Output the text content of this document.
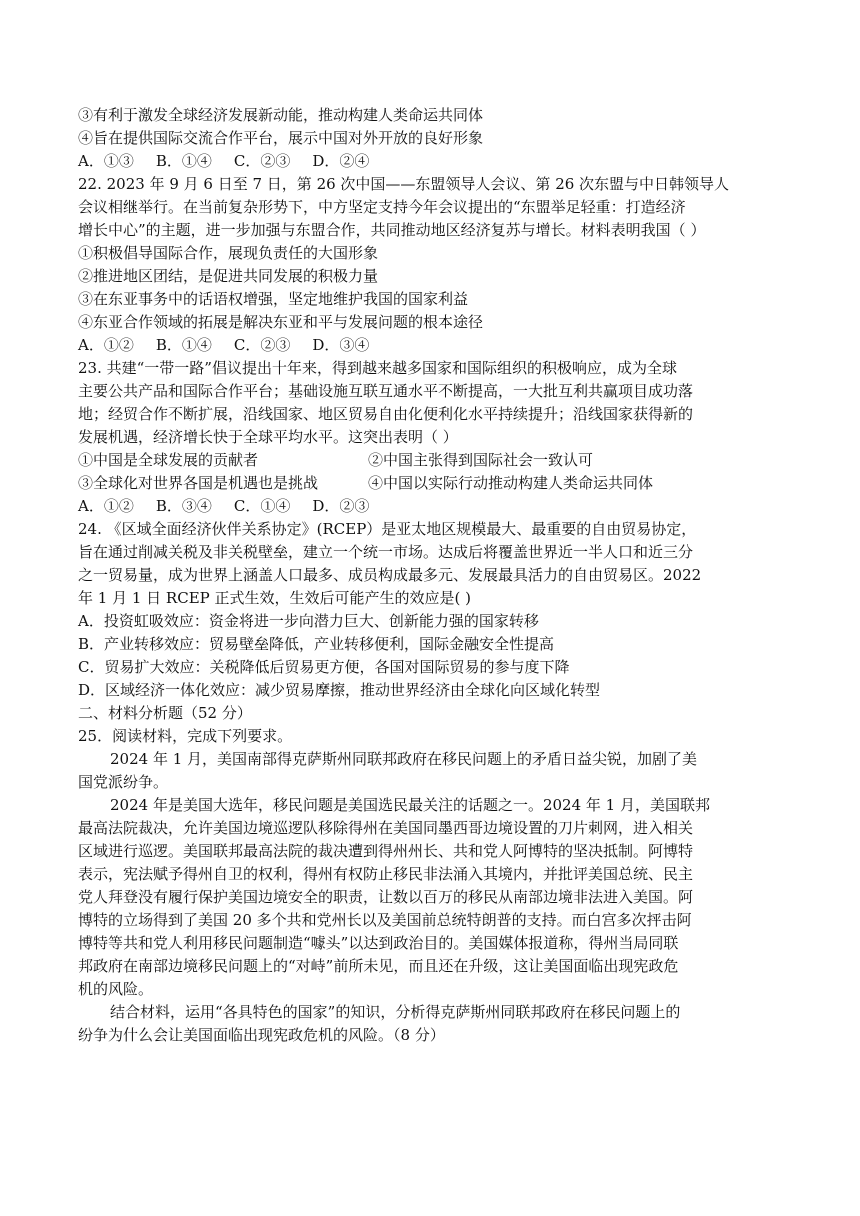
③有利于激发全球经济发展新动能，推动构建人类命运共同体
④旨在提供国际交流合作平台，展示中国对外开放的良好形象
A．①③ B．①④ C．②③ D．②④
22. 2023 年 9 月 6 日至 7 日，第 26 次中国——东盟领导人会议、第 26 次东盟与中日韩领导人
会议相继举行。在当前复杂形势下，中方坚定支持今年会议提出的“东盟举足轻重：打造经济
增长中心”的主题，进一步加强与东盟合作，共同推动地区经济复苏与增长。材料表明我国（ ）
①积极倡导国际合作，展现负责任的大国形象
②推进地区团结，是促进共同发展的积极力量
③在东亚事务中的话语权增强，坚定地维护我国的国家利益
④东亚合作领域的拓展是解决东亚和平与发展问题的根本途径
A．①② B．①④ C．②③ D．③④
23. 共建“一带一路”倡议提出十年来，得到越来越多国家和国际组织的积极响应，成为全球
主要公共产品和国际合作平台；基础设施互联互通水平不断提高，一大批互利共赢项目成功落
地；经贸合作不断扩展，沿线国家、地区贸易自由化便利化水平持续提升；沿线国家获得新的
发展机遇，经济增长快于全球平均水平。这突出表明（ ）
①中国是全球发展的贡献者	②中国主张得到国际社会一致认可
③全球化对世界各国是机遇也是挑战	④中国以实际行动推动构建人类命运共同体
A．①② B．③④ C．①④ D．②③
24. 《区域全面经济伙伴关系协定》(RCEP）是亚太地区规模最大、最重要的自由贸易协定，
旨在通过削减关税及非关税壁垒，建立一个统一市场。达成后将覆盖世界近一半人口和近三分
之一贸易量，成为世界上涵盖人口最多、成员构成最多元、发展最具活力的自由贸易区。2022
年 1 月 1 日 RCEP 正式生效，生效后可能产生的效应是( )
A．投资虹吸效应：资金将进一步向潜力巨大、创新能力强的国家转移
B．产业转移效应：贸易壁垒降低，产业转移便利，国际金融安全性提高
C．贸易扩大效应：关税降低后贸易更方便，各国对国际贸易的参与度下降
D．区域经济一体化效应：减少贸易摩擦，推动世界经济由全球化向区域化转型
二、材料分析题（52 分）
25．阅读材料，完成下列要求。
2024 年 1 月，美国南部得克萨斯州同联邦政府在移民问题上的矛盾日益尖锐，加剧了美
国党派纷争。
2024 年是美国大选年，移民问题是美国选民最关注的话题之一。2024 年 1 月，美国联邦
最高法院裁决，允许美国边境巡逻队移除得州在美国同墨西哥边境设置的刀片刺网，进入相关
区域进行巡逻。美国联邦最高法院的裁决遭到得州州长、共和党人阿博特的坚决抵制。阿博特
表示，宪法赋予得州自卫的权利，得州有权防止移民非法涌入其境内，并批评美国总统、民主
党人拜登没有履行保护美国边境安全的职责，让数以百万的移民从南部边境非法进入美国。阿
博特的立场得到了美国 20 多个共和党州长以及美国前总统特朗普的支持。而白宫多次抨击阿
博特等共和党人利用移民问题制造“噱头”以达到政治目的。美国媒体报道称，得州当局同联
邦政府在南部边境移民问题上的“对峙”前所未见，而且还在升级，这让美国面临出现宪政危
机的风险。
结合材料，运用“各具特色的国家”的知识，分析得克萨斯州同联邦政府在移民问题上的
纷争为什么会让美国面临出现宪政危机的风险。（8 分）
